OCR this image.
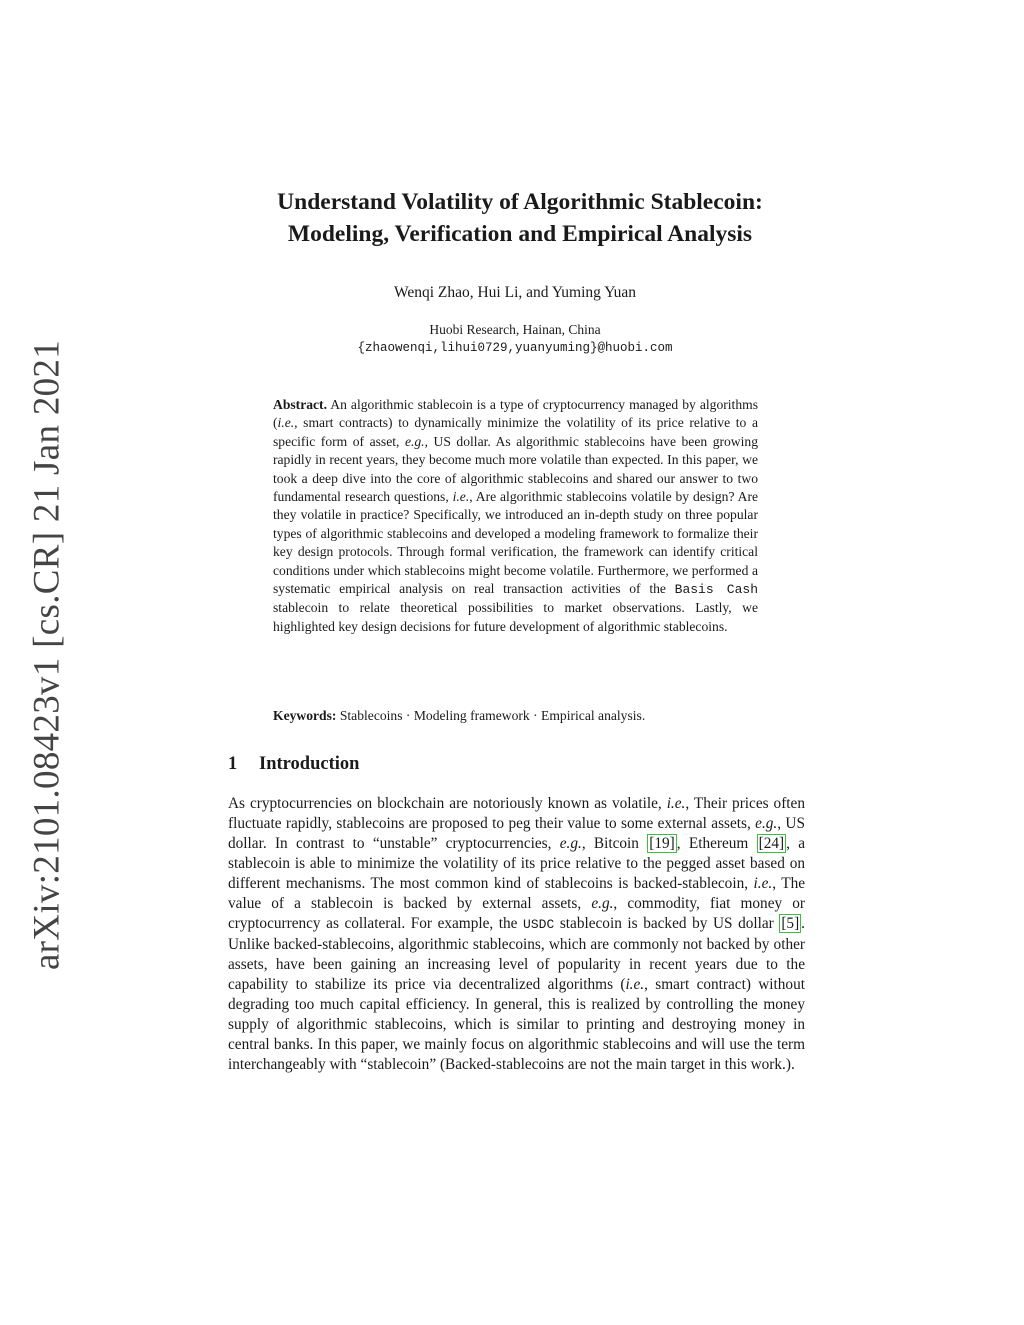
arXiv:2101.08423v1 [cs.CR] 21 Jan 2021
Understand Volatility of Algorithmic Stablecoin:
Modeling, Verification and Empirical Analysis
Wenqi Zhao, Hui Li, and Yuming Yuan
Huobi Research, Hainan, China
{zhaowenqi,lihui0729,yuanyuming}@huobi.com
Abstract. An algorithmic stablecoin is a type of cryptocurrency managed by algorithms (i.e., smart contracts) to dynamically minimize the volatility of its price relative to a specific form of asset, e.g., US dollar. As algorithmic stablecoins have been growing rapidly in recent years, they become much more volatile than expected. In this paper, we took a deep dive into the core of algorithmic stablecoins and shared our answer to two fundamental research questions, i.e., Are algorithmic stablecoins volatile by design? Are they volatile in practice? Specifically, we introduced an in-depth study on three popular types of algorithmic stablecoins and developed a modeling framework to formalize their key design protocols. Through formal verification, the framework can identify critical conditions under which stablecoins might become volatile. Furthermore, we performed a systematic empirical analysis on real transaction activities of the Basis Cash stablecoin to relate theoretical possibilities to market observations. Lastly, we highlighted key design decisions for future development of algorithmic stablecoins.
Keywords: Stablecoins · Modeling framework · Empirical analysis.
1 Introduction
As cryptocurrencies on blockchain are notoriously known as volatile, i.e., Their prices often fluctuate rapidly, stablecoins are proposed to peg their value to some external assets, e.g., US dollar. In contrast to “unstable” cryptocurrencies, e.g., Bitcoin [19] , Ethereum [24] , a stablecoin is able to minimize the volatility of its price relative to the pegged asset based on different mechanisms. The most common kind of stablecoins is backed-stablecoin, i.e., The value of a stablecoin is backed by external assets, e.g., commodity, fiat money or cryptocurrency as collateral. For example, the USDC stablecoin is backed by US dollar [5] . Unlike backed-stablecoins, algorithmic stablecoins, which are commonly not backed by other assets, have been gaining an increasing level of popularity in recent years due to the capability to stabilize its price via decentralized algorithms (i.e., smart contract) without degrading too much capital efficiency. In general, this is realized by controlling the money supply of algorithmic stablecoins, which is similar to printing and destroying money in central banks. In this paper, we mainly focus on algorithmic stablecoins and will use the term interchangeably with “stablecoin” (Backed-stablecoins are not the main target in this work.).
